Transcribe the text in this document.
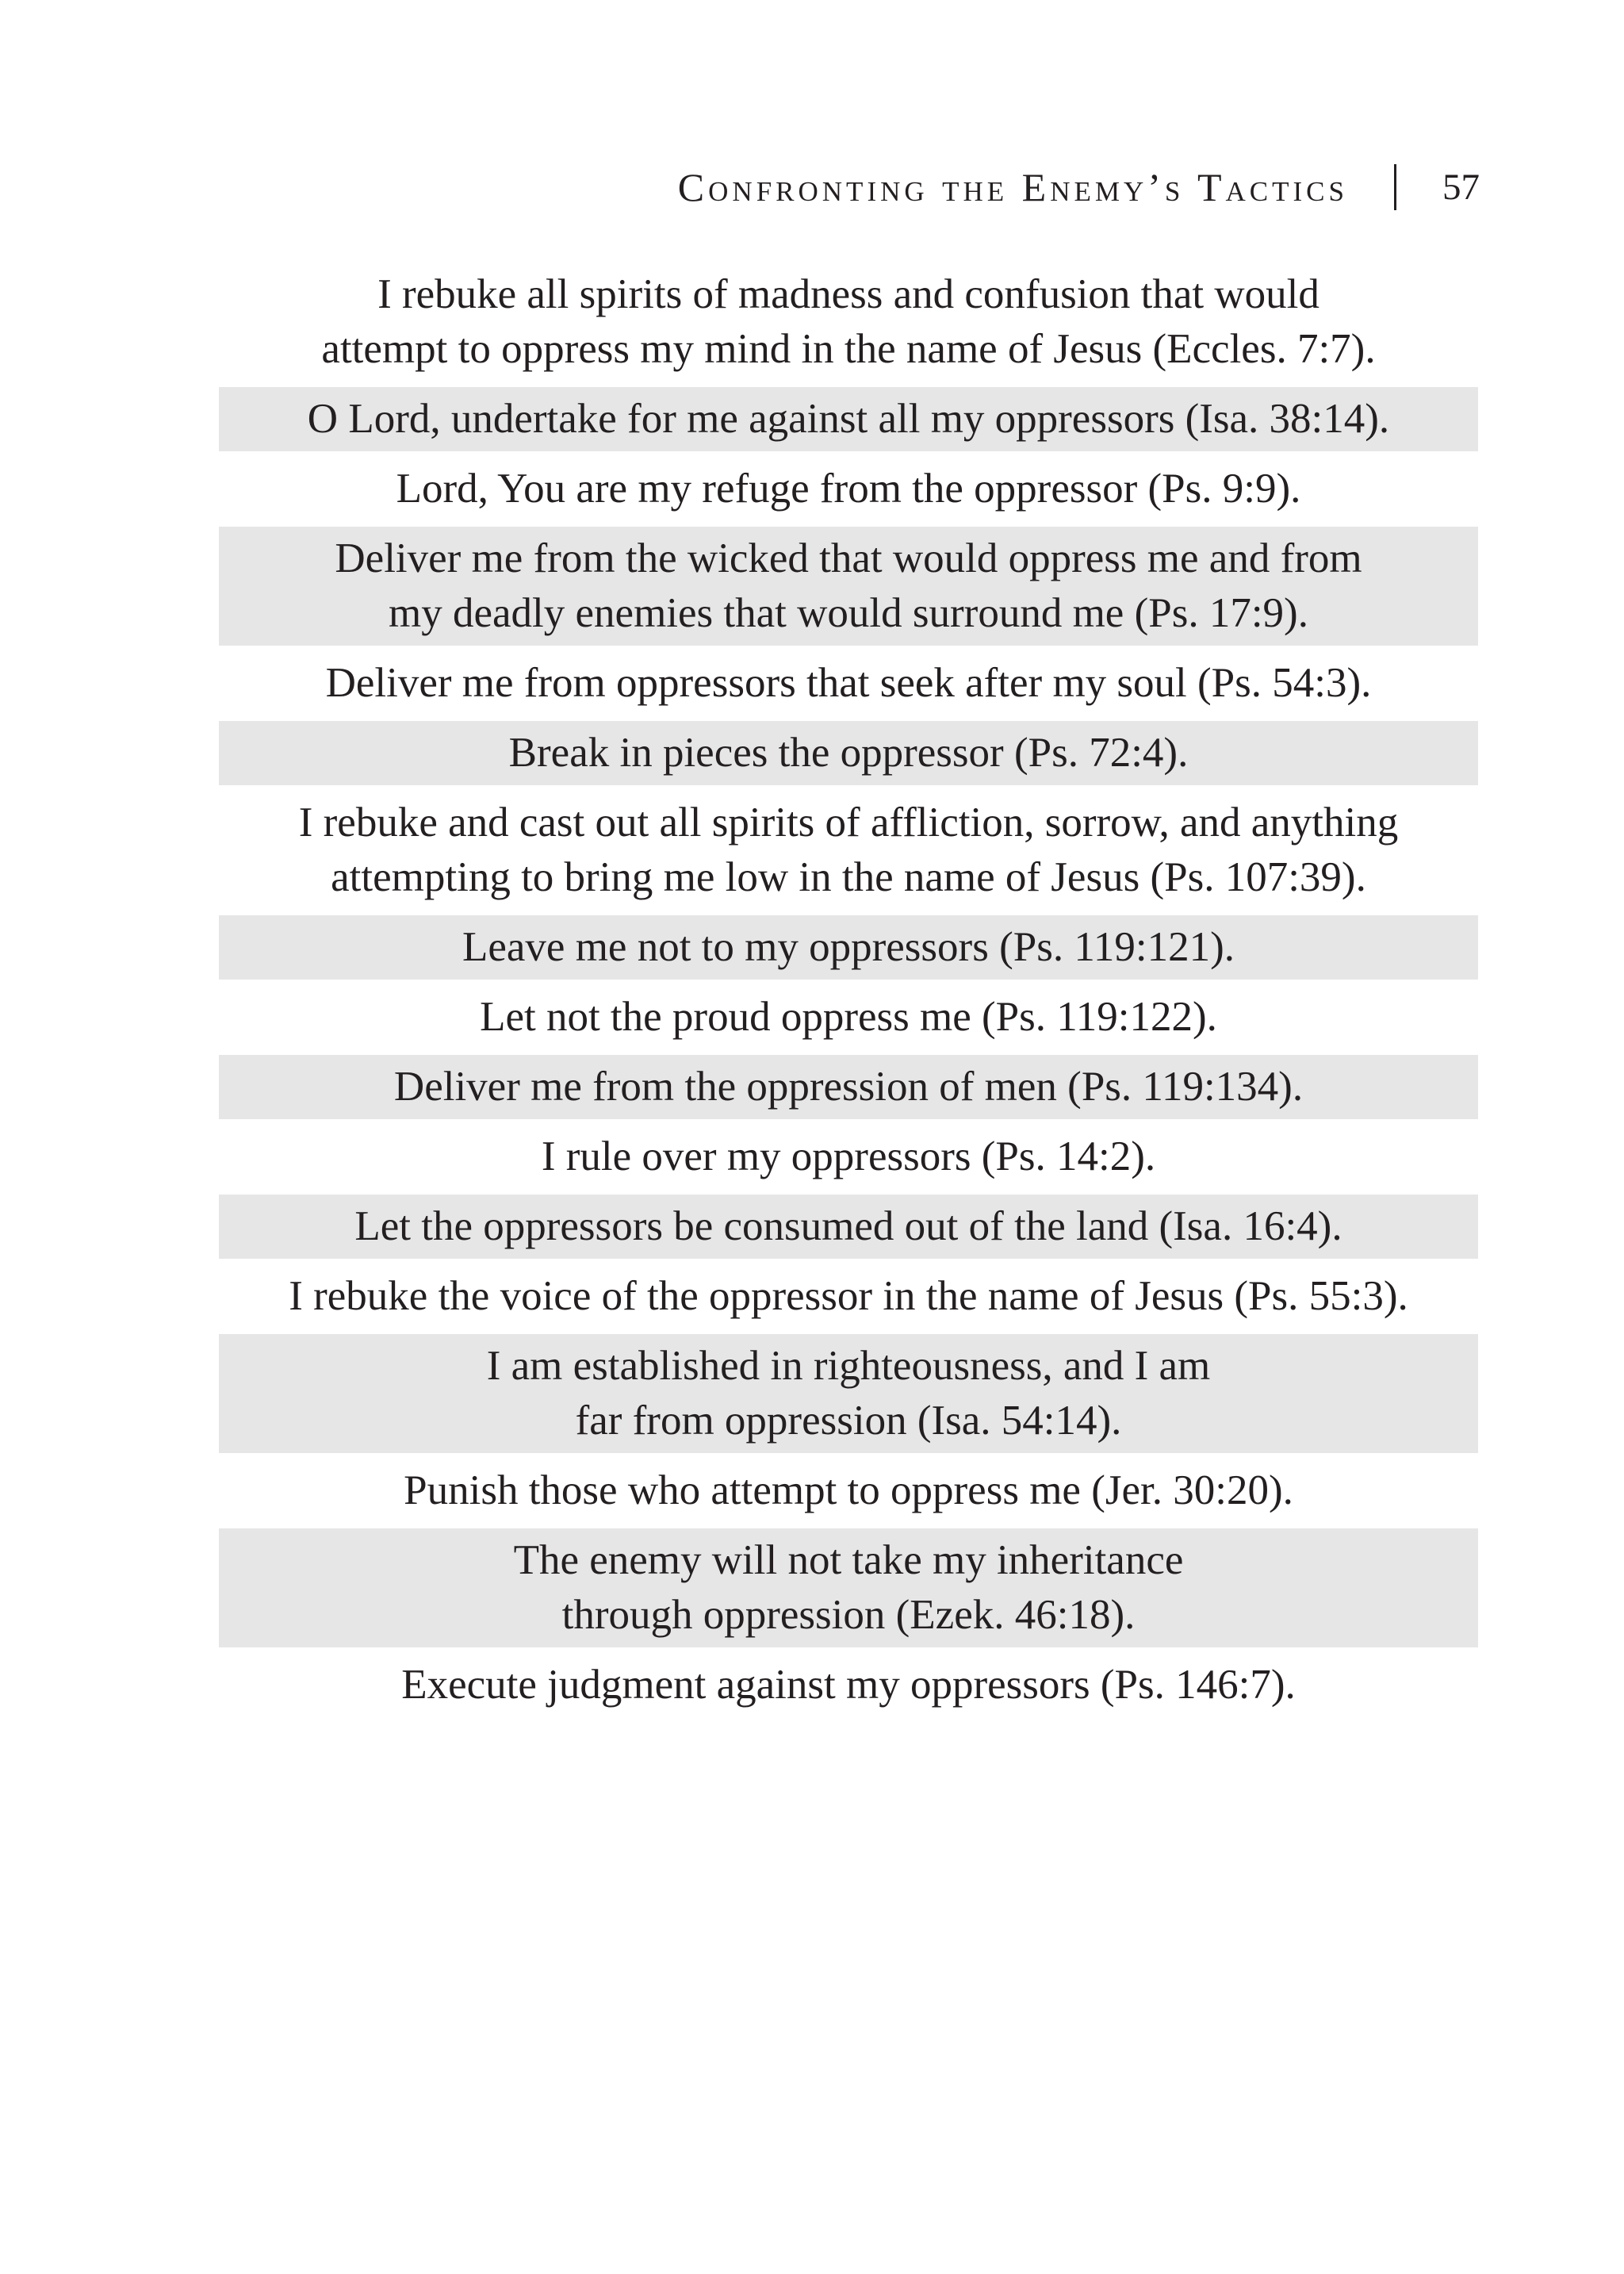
Confronting the Enemy’s Tactics	57
I rebuke all spirits of madness and confusion that would
attempt to oppress my mind in the name of Jesus (Eccles. 7:7).
O Lord, undertake for me against all my oppressors (Isa. 38:14).
Lord, You are my refuge from the oppressor (Ps. 9:9).
Deliver me from the wicked that would oppress me and from
my deadly enemies that would surround me (Ps. 17:9).
Deliver me from oppressors that seek after my soul (Ps. 54:3).
Break in pieces the oppressor (Ps. 72:4).
I rebuke and cast out all spirits of affliction, sorrow, and anything
attempting to bring me low in the name of Jesus (Ps. 107:39).
Leave me not to my oppressors (Ps. 119:121).
Let not the proud oppress me (Ps. 119:122).
Deliver me from the oppression of men (Ps. 119:134).
I rule over my oppressors (Ps. 14:2).
Let the oppressors be consumed out of the land (Isa. 16:4).
I rebuke the voice of the oppressor in the name of Jesus (Ps. 55:3).
I am established in righteousness, and I am
far from oppression (Isa. 54:14).
Punish those who attempt to oppress me (Jer. 30:20).
The enemy will not take my inheritance
through oppression (Ezek. 46:18).
Execute judgment against my oppressors (Ps. 146:7).
